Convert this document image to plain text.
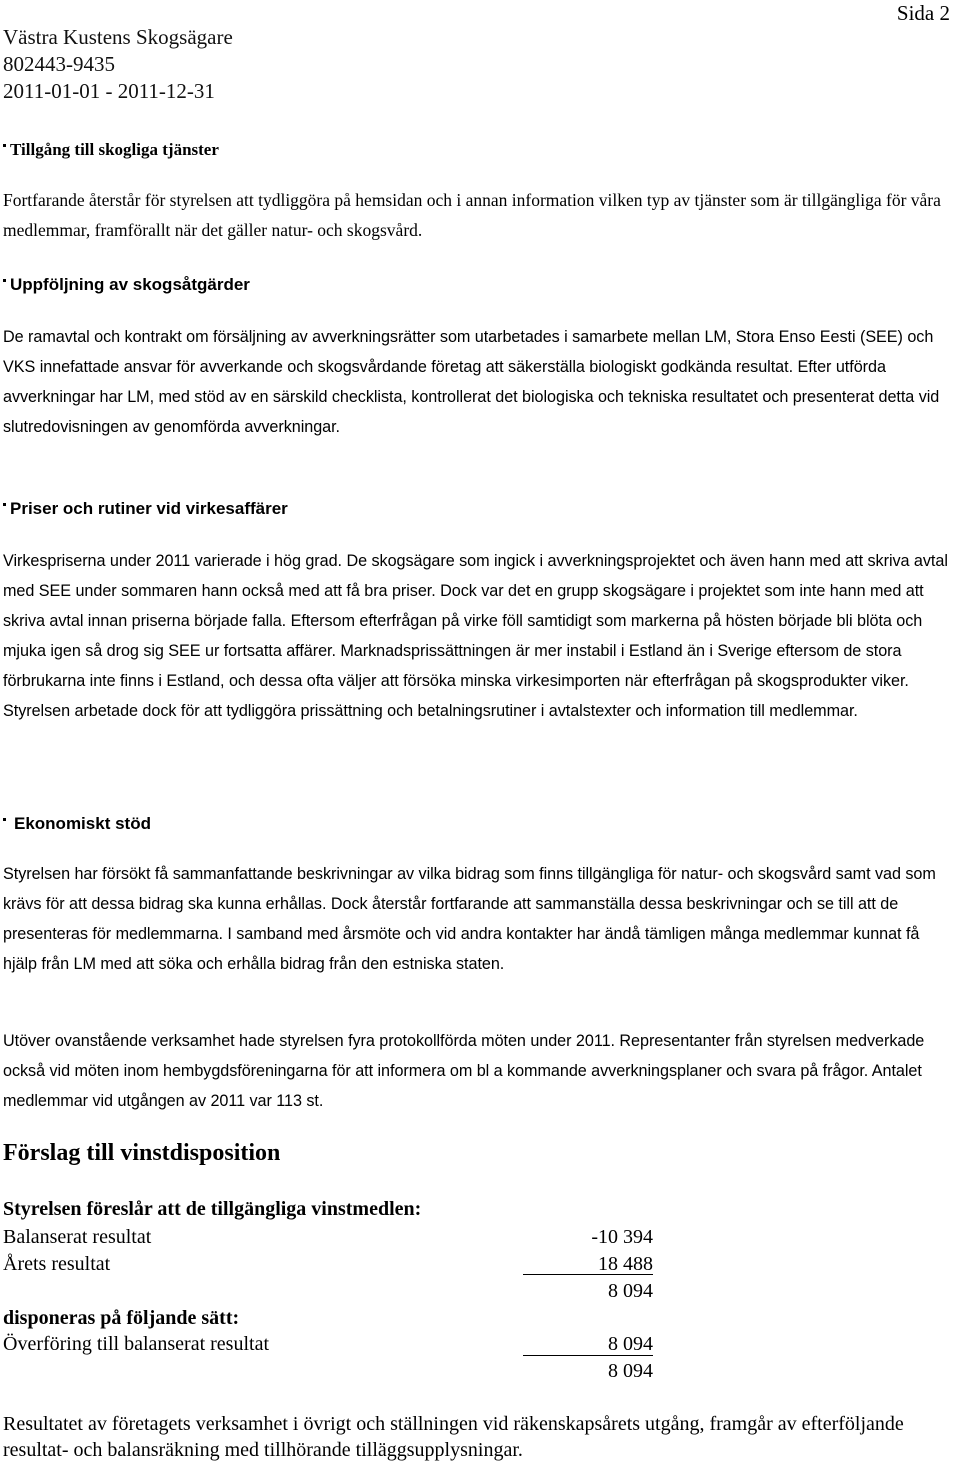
Västra Kustens Skogsägare
802443-9435
2011-01-01 - 2011-12-31
Sida 2
Tillgång till skogliga tjänster

Fortfarande återstår för styrelsen att tydliggöra på hemsidan och i annan information vilken typ av tjänster som är tillgängliga för våra medlemmar, framförallt när det gäller natur- och skogsvård.

Uppföljning av skogsåtgärder

De ramavtal och kontrakt om försäljning av avverkningsrätter som utarbetades i samarbete mellan LM, Stora Enso Eesti (SEE) och VKS innefattade ansvar för avverkande och skogsvårdande företag att säkerställa biologiskt godkända resultat. Efter utförda avverkningar har LM, med stöd av en särskild checklista, kontrollerat det biologiska och tekniska resultatet och presenterat detta vid slutredovisningen av genomförda avverkningar.

Priser och rutiner vid virkesaffärer

Virkespriserna under 2011 varierade i hög grad. De skogsägare som ingick i avverkningsprojektet och även hann med att skriva avtal med SEE under sommaren hann också med att få bra priser. Dock var det en grupp skogsägare i projektet som inte hann med att skriva avtal innan priserna började falla. Eftersom efterfrågan på virke föll samtidigt som markerna på hösten började bli blöta och mjuka igen så drog sig SEE ur fortsatta affärer. Marknadsprissättningen är mer instabil i Estland än i Sverige eftersom de stora förbrukarna inte finns i Estland, och dessa ofta väljer att försöka minska virkesimporten när efterfrågan på skogsprodukter viker. Styrelsen arbetade dock för att tydliggöra prissättning och betalningsrutiner i avtalstexter och information till medlemmar.

Ekonomiskt stöd

Styrelsen har försökt få sammanfattande beskrivningar av vilka bidrag som finns tillgängliga för natur- och skogsvård samt vad som krävs för att dessa bidrag ska kunna erhållas. Dock återstår fortfarande att sammanställa dessa beskrivningar och se till att de presenteras för medlemmarna. I samband med årsmöte och vid andra kontakter har ändå tämligen många medlemmar kunnat få hjälp från LM med att söka och erhålla bidrag från den estniska staten.

Utöver ovanstående verksamhet hade styrelsen fyra protokollförda möten under 2011. Representanter från styrelsen medverkade också vid möten inom hembygdsföreningarna för att informera om bl a kommande avverkningsplaner och svara på frågor. Antalet medlemmar vid utgången av 2011 var 113 st.

Förslag till vinstdisposition
Styrelsen föreslår att de tillgängliga vinstmedlen:
Balanserat resultat	-10 394
Årets resultat	18 488
8 094
disponeras på följande sätt:
Överföring till balanserat resultat	8 094
8 094

Resultatet av företagets verksamhet i övrigt och ställningen vid räkenskapsårets utgång, framgår av efterföljande resultat- och balansräkning med tillhörande tilläggsupplysningar.
